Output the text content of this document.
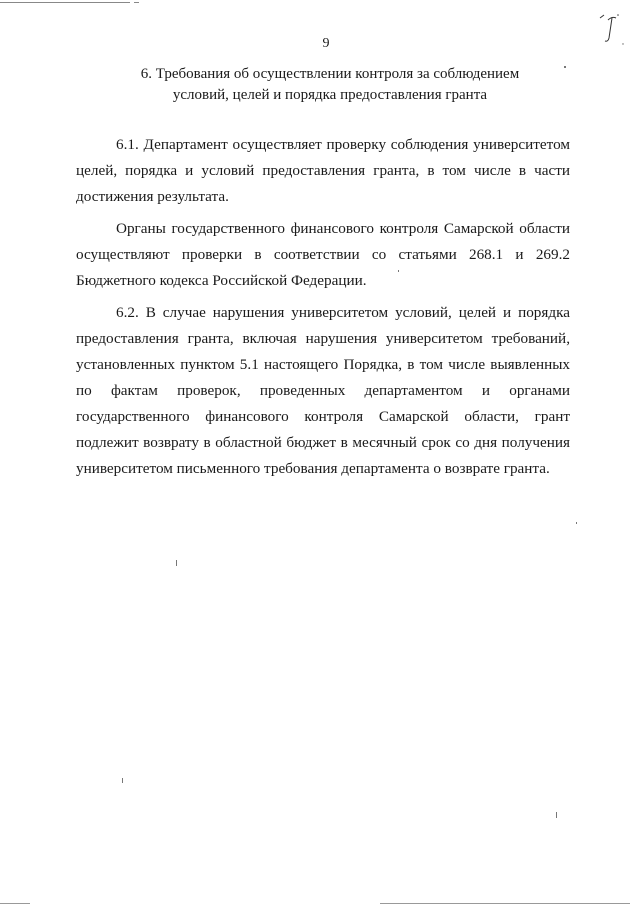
9
6. Требования об осуществлении контроля за соблюдением
условий, целей и порядка предоставления гранта

6.1. Департамент осуществляет проверку соблюдения университетом целей, порядка и условий предоставления гранта, в том числе в части достижения результата.

Органы государственного финансового контроля Самарской области осуществляют проверки в соответствии со статьями 268.1 и 269.2 Бюджетного кодекса Российской Федерации.

6.2. В случае нарушения университетом условий, целей и порядка предоставления гранта, включая нарушения университетом требований, установленных пунктом 5.1 настоящего Порядка, в том числе выявленных по фактам проверок, проведенных департаментом и органами государственного финансового контроля Самарской области, грант подлежит возврату в областной бюджет в месячный срок со дня получения университетом письменного требования департамента о возврате гранта.
